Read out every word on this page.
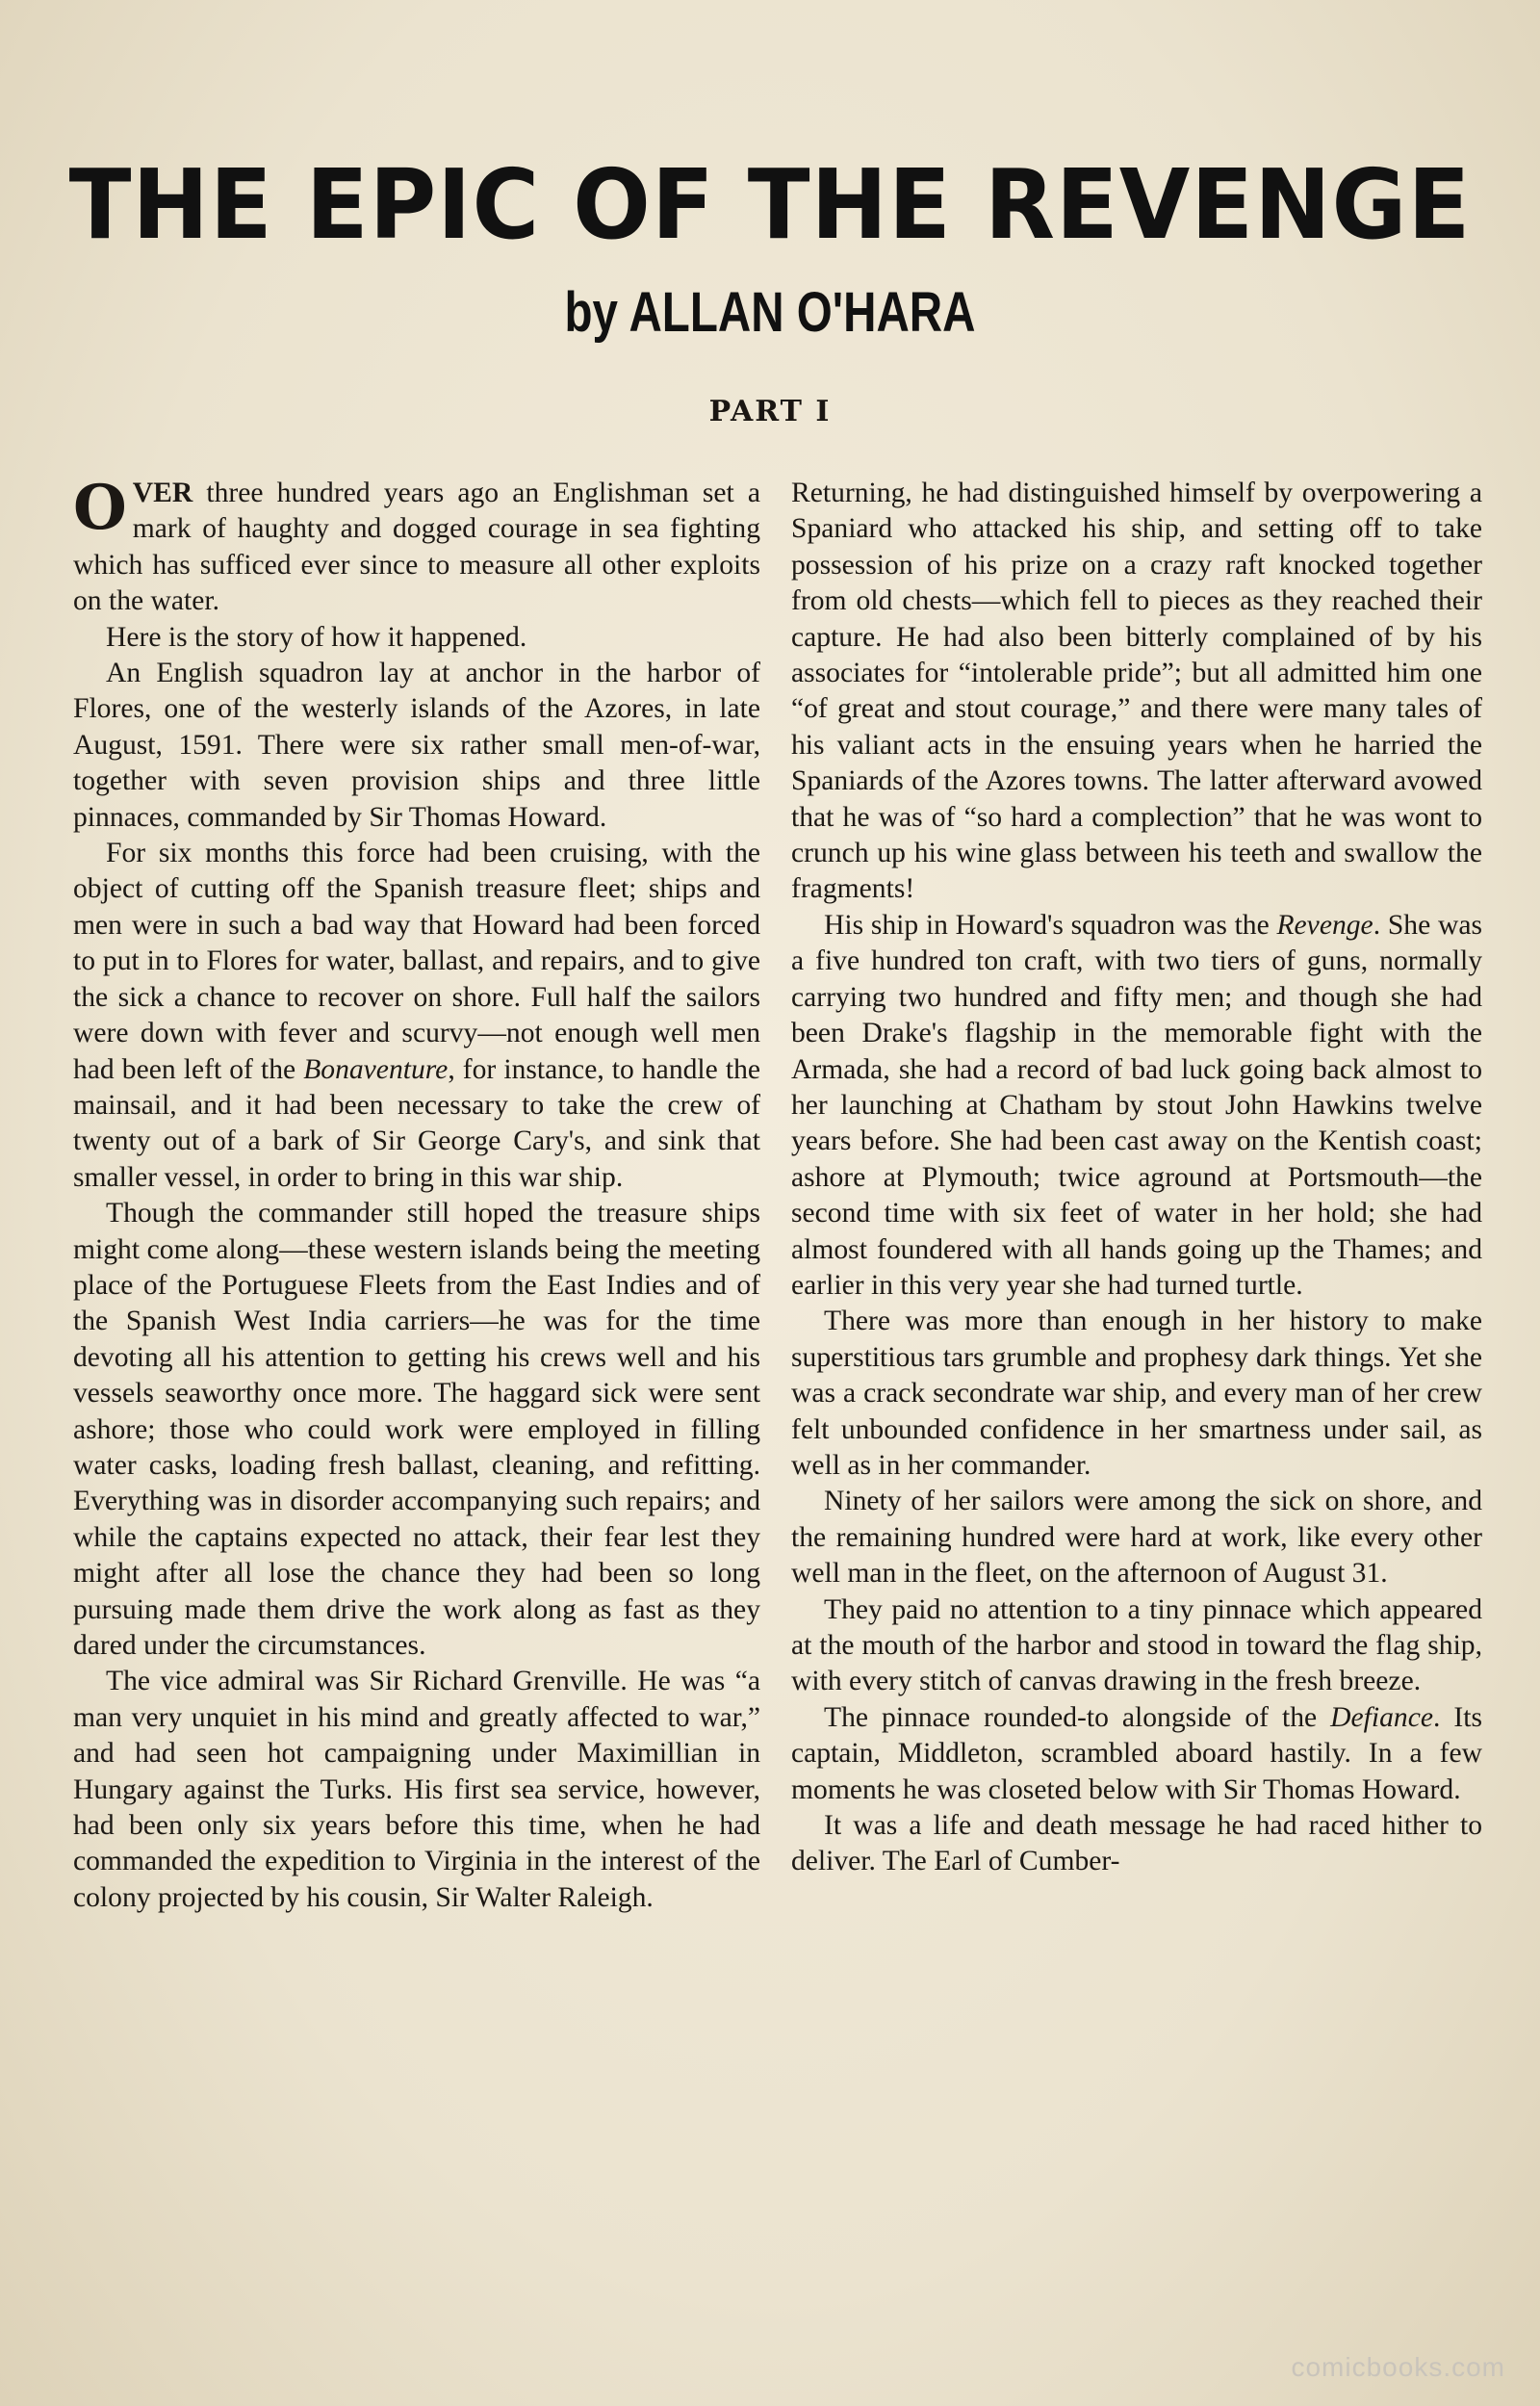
THE EPIC OF THE REVENGE
by ALLAN O'HARA
PART I

OVER three hundred years ago an Englishman set a mark of haughty and dogged courage in sea fighting which has sufficed ever since to measure all other exploits on the water.

Here is the story of how it happened.

An English squadron lay at anchor in the harbor of Flores, one of the westerly islands of the Azores, in late August, 1591. There were six rather small men-of-war, together with seven provision ships and three little pinnaces, commanded by Sir Thomas Howard.

For six months this force had been cruising, with the object of cutting off the Spanish treasure fleet; ships and men were in such a bad way that Howard had been forced to put in to Flores for water, ballast, and repairs, and to give the sick a chance to recover on shore. Full half the sailors were down with fever and scurvy—not enough well men had been left of the Bonaventure, for instance, to handle the mainsail, and it had been necessary to take the crew of twenty out of a bark of Sir George Cary's, and sink that smaller vessel, in order to bring in this war ship.

Though the commander still hoped the treasure ships might come along—these western islands being the meeting place of the Portuguese Fleets from the East Indies and of the Spanish West India carriers—he was for the time devoting all his attention to getting his crews well and his vessels seaworthy once more. The haggard sick were sent ashore; those who could work were employed in filling water casks, loading fresh ballast, cleaning, and refitting. Everything was in disorder accompanying such repairs; and while the captains expected no attack, their fear lest they might after all lose the chance they had been so long pursuing made them drive the work along as fast as they dared under the circumstances.

The vice admiral was Sir Richard Grenville. He was “a man very unquiet in his mind and greatly affected to war,” and had seen hot campaigning under Maximillian in Hungary against the Turks. His first sea service, however, had been only six years before this time, when he had commanded the expedition to Virginia in the interest of the colony projected by his cousin, Sir Walter Raleigh.

Returning, he had distinguished himself by overpowering a Spaniard who attacked his ship, and setting off to take possession of his prize on a crazy raft knocked together from old chests—which fell to pieces as they reached their capture. He had also been bitterly complained of by his associates for “intolerable pride”; but all admitted him one “of great and stout courage,” and there were many tales of his valiant acts in the ensuing years when he harried the Spaniards of the Azores towns. The latter afterward avowed that he was of “so hard a complection” that he was wont to crunch up his wine glass between his teeth and swallow the fragments!

His ship in Howard's squadron was the Revenge. She was a five hundred ton craft, with two tiers of guns, normally carrying two hundred and fifty men; and though she had been Drake's flagship in the memorable fight with the Armada, she had a record of bad luck going back almost to her launching at Chatham by stout John Hawkins twelve years before. She had been cast away on the Kentish coast; ashore at Plymouth; twice aground at Portsmouth—the second time with six feet of water in her hold; she had almost foundered with all hands going up the Thames; and earlier in this very year she had turned turtle.

There was more than enough in her history to make superstitious tars grumble and prophesy dark things. Yet she was a crack secondrate war ship, and every man of her crew felt unbounded confidence in her smartness under sail, as well as in her commander.

Ninety of her sailors were among the sick on shore, and the remaining hundred were hard at work, like every other well man in the fleet, on the afternoon of August 31.

They paid no attention to a tiny pinnace which appeared at the mouth of the harbor and stood in toward the flag ship, with every stitch of canvas drawing in the fresh breeze.

The pinnace rounded-to alongside of the Defiance. Its captain, Middleton, scrambled aboard hastily. In a few moments he was closeted below with Sir Thomas Howard.

It was a life and death message he had raced hither to deliver. The Earl of Cumber-

comicbooks.com
